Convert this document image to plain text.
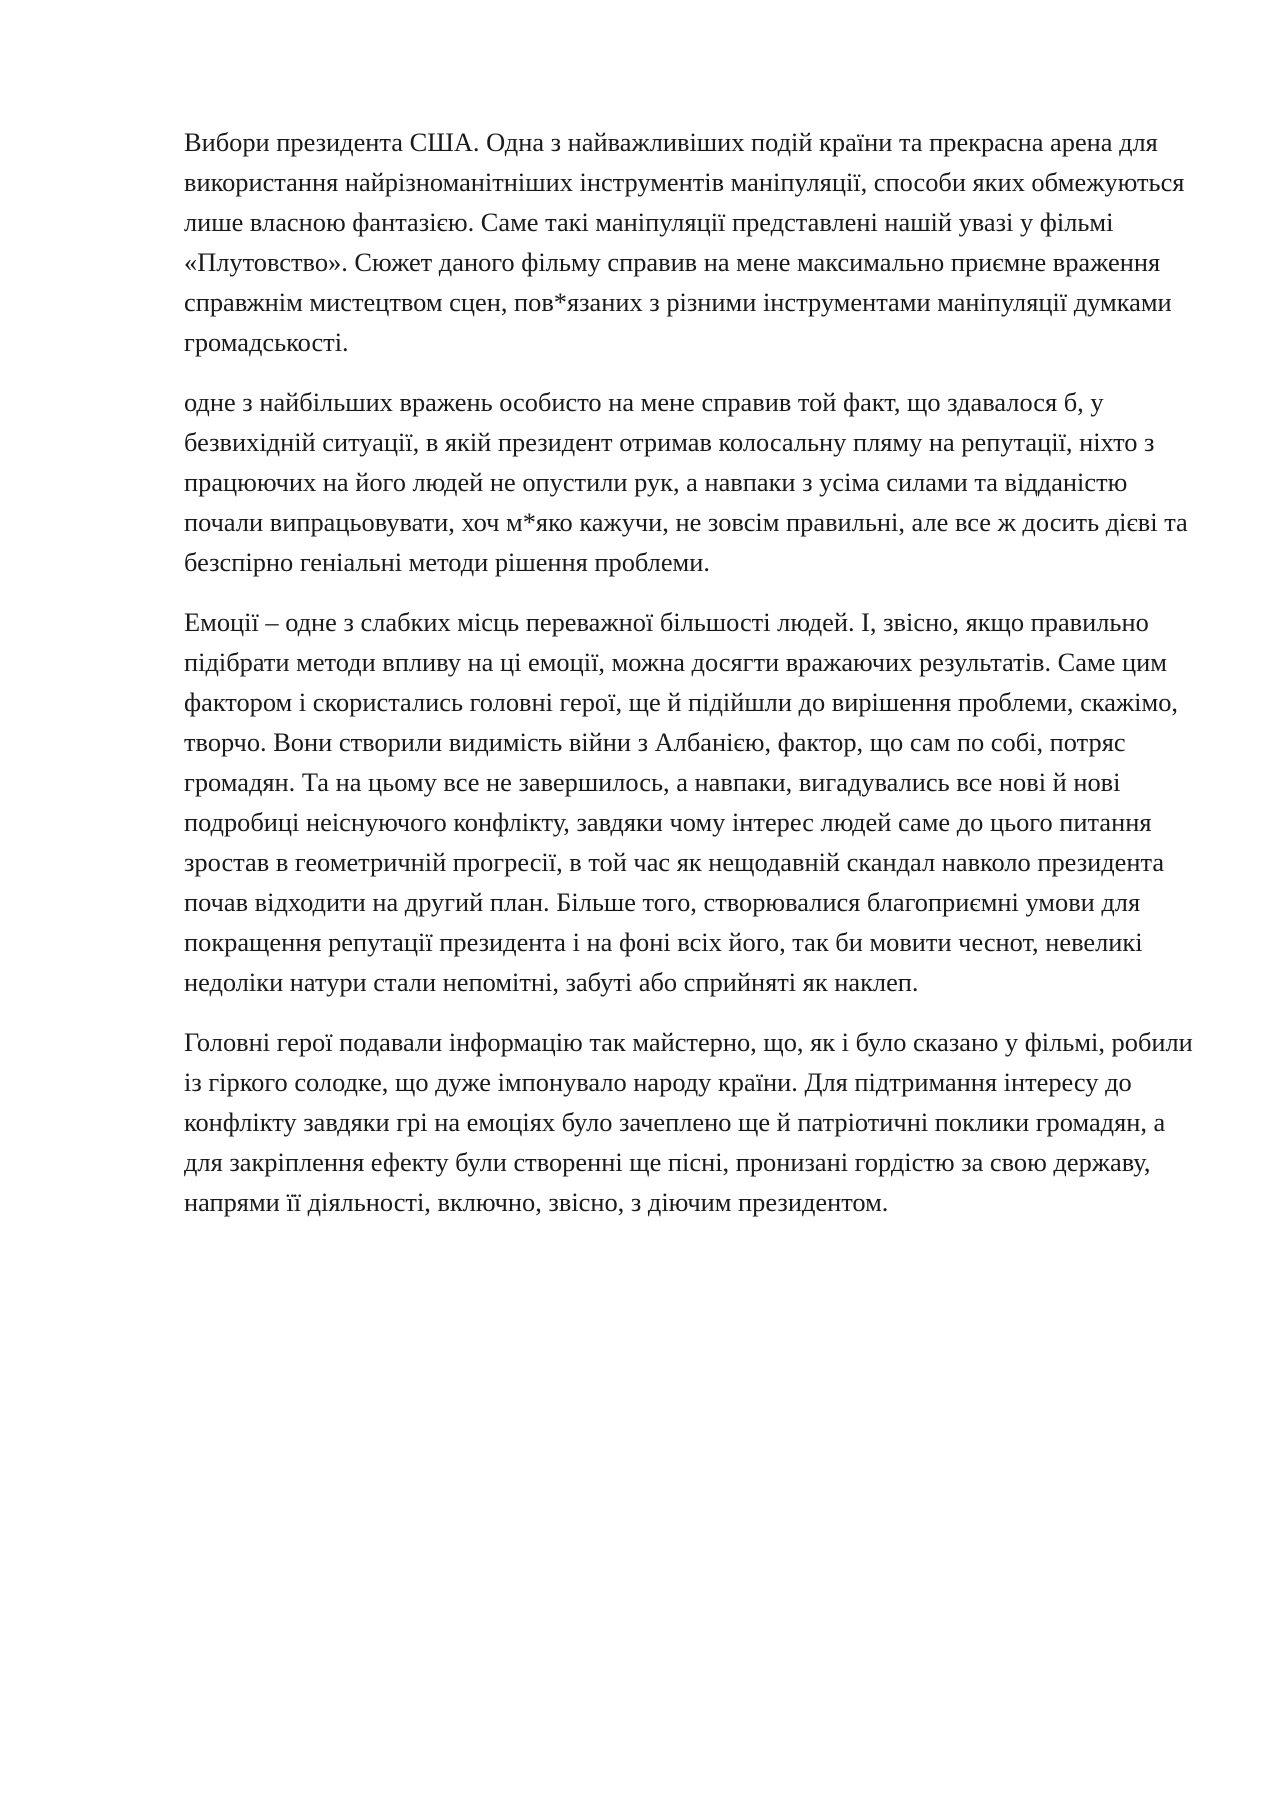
Вибори президента США. Одна з найважливіших подій країни та прекрасна арена для використання найрізноманітніших інструментів маніпуляції, способи яких обмежуються лише власною фантазією. Саме такі маніпуляції представлені нашій увазі у фільмі «Плутовство». Сюжет даного фільму справив на мене максимально приємне враження справжнім мистецтвом сцен, пов*язаних з різними інструментами маніпуляції думками громадськості.

одне з найбільших вражень особисто на мене справив той факт, що здавалося б, у безвихідній ситуації, в якій президент отримав колосальну пляму на репутації, ніхто з працюючих на його людей не опустили рук, а навпаки з усіма силами та відданістю почали випрацьовувати, хоч м*яко кажучи, не зовсім правильні, але все ж досить дієві та безспірно геніальні методи рішення проблеми.

Емоції – одне з слабких місць переважної більшості людей. І, звісно, якщо правильно підібрати методи впливу на ці емоції, можна досягти вражаючих результатів. Саме цим фактором і скористались головні герої, ще й підійшли до вирішення проблеми, скажімо, творчо. Вони створили видимість війни з Албанією, фактор, що сам по собі, потряс громадян. Та на цьому все не завершилось, а навпаки, вигадувались все нові й нові подробиці неіснуючого конфлікту, завдяки чому інтерес людей саме до цього питання зростав в геометричній прогресії, в той час як нещодавній скандал навколо президента почав відходити на другий план. Більше того, створювалися благоприємні умови для покращення репутації президента і на фоні всіх його, так би мовити чеснот, невеликі недоліки натури стали непомітні, забуті або сприйняті як наклеп.

Головні герої подавали інформацію так майстерно, що, як і було сказано у фільмі, робили із гіркого солодке, що дуже імпонувало народу країни. Для підтримання інтересу до конфлікту завдяки грі на емоціях було зачеплено ще й патріотичні поклики громадян, а для закріплення ефекту були створенні ще пісні, пронизані гордістю за свою державу, напрями її діяльності, включно, звісно, з діючим президентом.
